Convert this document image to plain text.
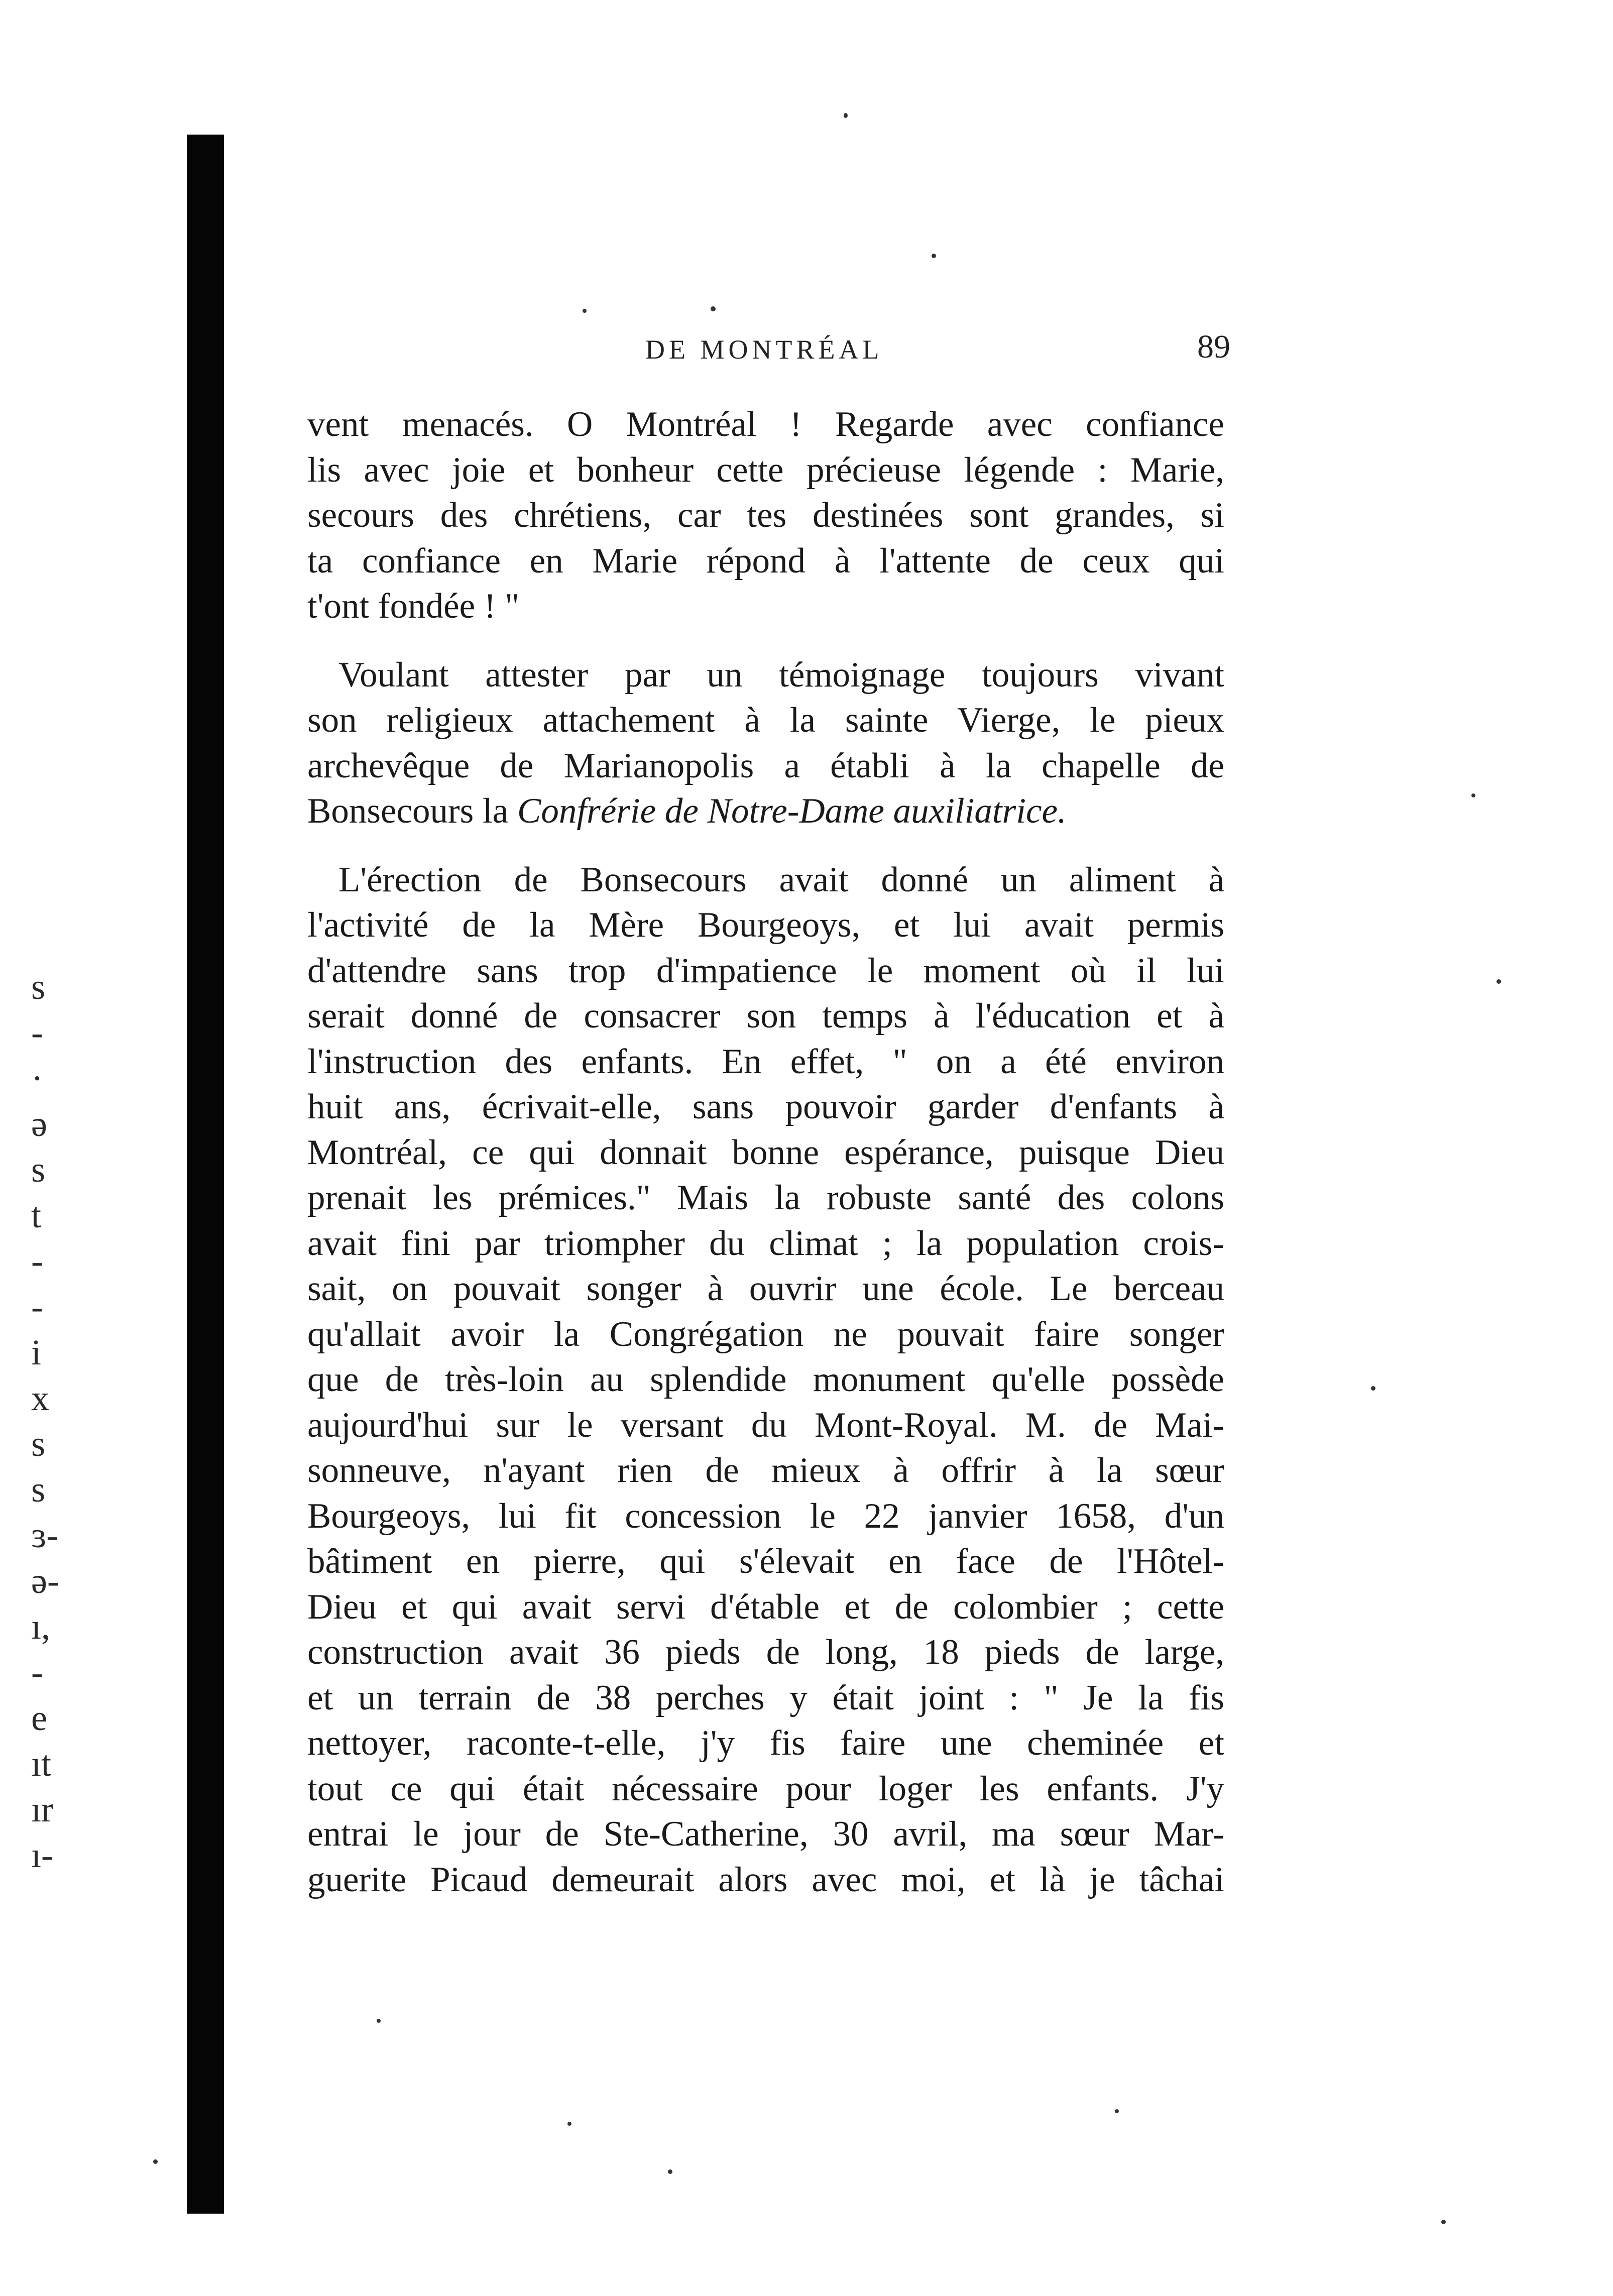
s
-
·
ə
s
t
-
-
i
x
s
s
ɜ-
ə-
ı,
-
e
ıt
ır
ı-
DE MONTRÉAL	89
vent menacés. O Montréal ! Regarde avec confiance
lis avec joie et bonheur cette précieuse légende : Marie,
secours des chrétiens, car tes destinées sont grandes, si
ta confiance en Marie répond à l'attente de ceux qui
t'ont fondée ! "
Voulant attester par un témoignage toujours vivant
son religieux attachement à la sainte Vierge, le pieux
archevêque de Marianopolis a établi à la chapelle de
Bonsecours la Confrérie de Notre-Dame auxiliatrice.
L'érection de Bonsecours avait donné un aliment à
l'activité de la Mère Bourgeoys, et lui avait permis
d'attendre sans trop d'impatience le moment où il lui
serait donné de consacrer son temps à l'éducation et à
l'instruction des enfants. En effet, " on a été environ
huit ans, écrivait-elle, sans pouvoir garder d'enfants à
Montréal, ce qui donnait bonne espérance, puisque Dieu
prenait les prémices." Mais la robuste santé des colons
avait fini par triompher du climat ; la population crois-
sait, on pouvait songer à ouvrir une école. Le berceau
qu'allait avoir la Congrégation ne pouvait faire songer
que de très-loin au splendide monument qu'elle possède
aujourd'hui sur le versant du Mont-Royal. M. de Mai-
sonneuve, n'ayant rien de mieux à offrir à la sœur
Bourgeoys, lui fit concession le 22 janvier 1658, d'un
bâtiment en pierre, qui s'élevait en face de l'Hôtel-
Dieu et qui avait servi d'étable et de colombier ; cette
construction avait 36 pieds de long, 18 pieds de large,
et un terrain de 38 perches y était joint : " Je la fis
nettoyer, raconte-t-elle, j'y fis faire une cheminée et
tout ce qui était nécessaire pour loger les enfants. J'y
entrai le jour de Ste-Catherine, 30 avril, ma sœur Mar-
guerite Picaud demeurait alors avec moi, et là je tâchai
